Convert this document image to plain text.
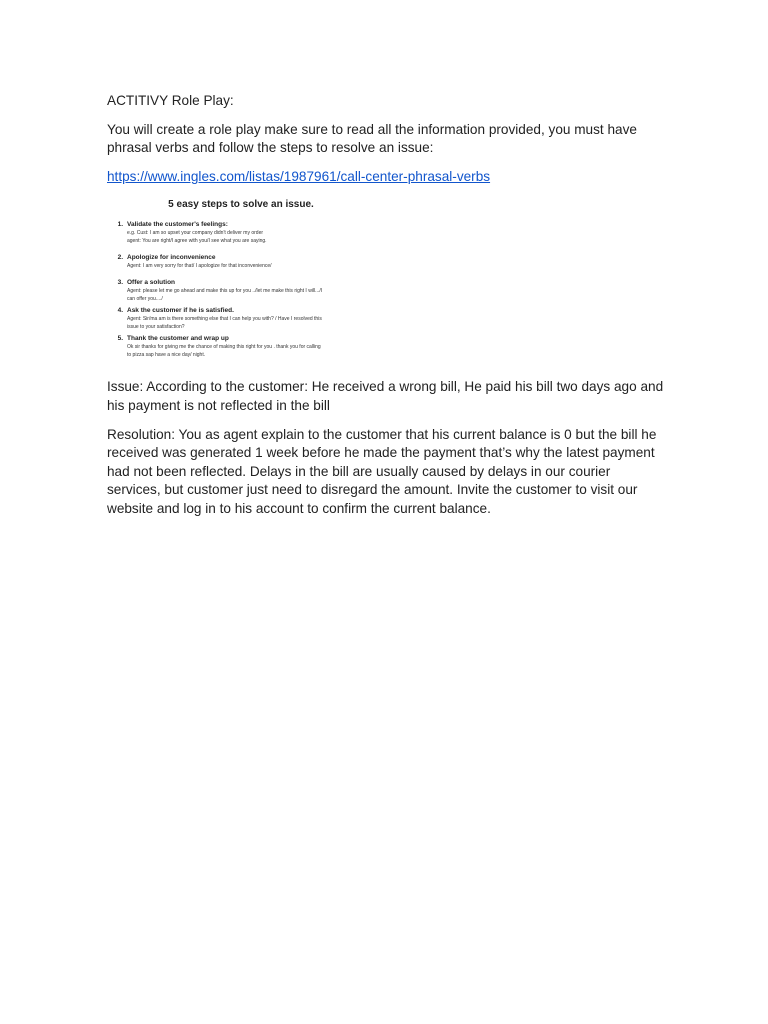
ACTITIVY Role Play:

You will create a role play make sure to read all the information provided, you must have phrasal verbs and follow the steps to resolve an issue:

https://www.ingles.com/listas/1987961/call-center-phrasal-verbs
5 easy steps to solve an issue.
1. Validate the customer's feelings:
e.g. Cust: I am so upset your company didn't deliver my order
agent: You are right/I agree with you/I see what you are saying.
2. Apologize for inconvenience
Agent: I am very sorry for that/ I apologize for that inconvenience/
3. Offer a solution
Agent: please let me go ahead and make this up for you ../let me make this right I will.../I
can offer you..../
4. Ask the customer if he is satisfied.
Agent: Sir/ma am is there something else that I can help you with? / Have I resolved this
issue to your satisfaction?
5. Thank the customer and wrap up
Ok sir thanks for giving me the chance of making this right for you . thank you for calling
to pizza sap have a nice day/ night.

Issue: According to the customer: He received a wrong bill, He paid his bill two days ago and his payment is not reflected in the bill

Resolution: You as agent explain to the customer that his current balance is 0 but the bill he received was generated 1 week before he made the payment that’s why the latest payment had not been reflected. Delays in the bill are usually caused by delays in our courier services, but customer just need to disregard the amount. Invite the customer to visit our website and log in to his account to confirm the current balance.
